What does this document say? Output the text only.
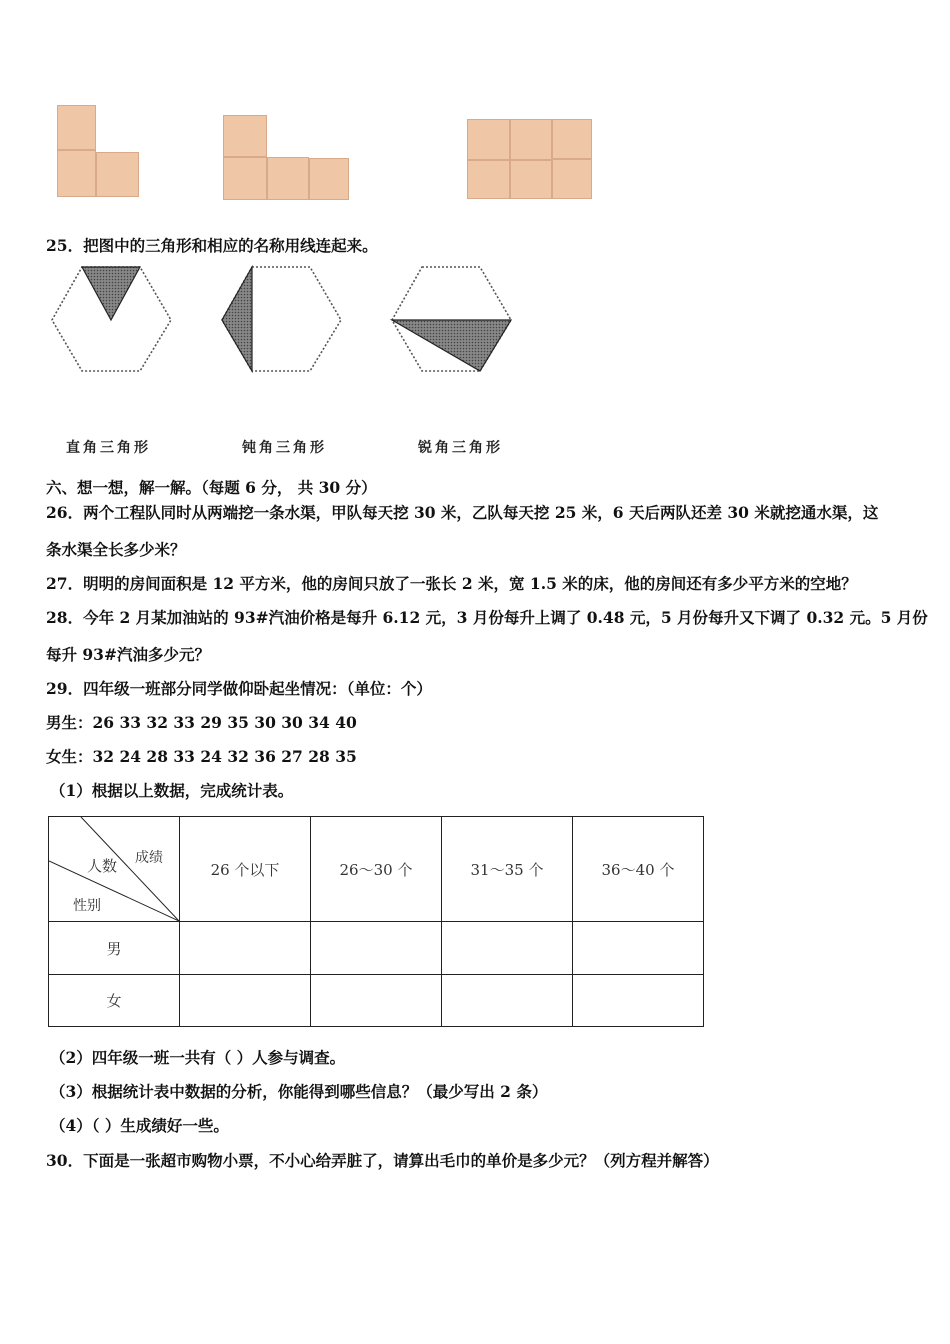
25．把图中的三角形和相应的名称用线连起来。
直角三角形	钝角三角形	锐角三角形
六、想一想，解一解。（每题 6 分， 共 30 分）
26．两个工程队同时从两端挖一条水渠，甲队每天挖 30 米，乙队每天挖 25 米，6 天后两队还差 30 米就挖通水渠，这
条水渠全长多少米？
27．明明的房间面积是 12 平方米，他的房间只放了一张长 2 米，宽 1.5 米的床，他的房间还有多少平方米的空地？
28．今年 2 月某加油站的 93#汽油价格是每升 6.12 元，3 月份每升上调了 0.48 元，5 月份每升又下调了 0.32 元。5 月份
每升 93#汽油多少元？
29．四年级一班部分同学做仰卧起坐情况：（单位：个）
男生：26 33 32 33 29 35 30 30 34 40
女生：32 24 28 33 24 32 36 27 28 35
（1）根据以上数据，完成统计表。
成绩
人数
性别	26 个以下	26～30 个	31～35 个	36～40 个
男				
女				
（2）四年级一班一共有（ ）人参与调查。
（3）根据统计表中数据的分析，你能得到哪些信息？（最少写出 2 条）
（4）（ ）生成绩好一些。
30．下面是一张超市购物小票，不小心给弄脏了，请算出毛巾的单价是多少元？（列方程并解答）
